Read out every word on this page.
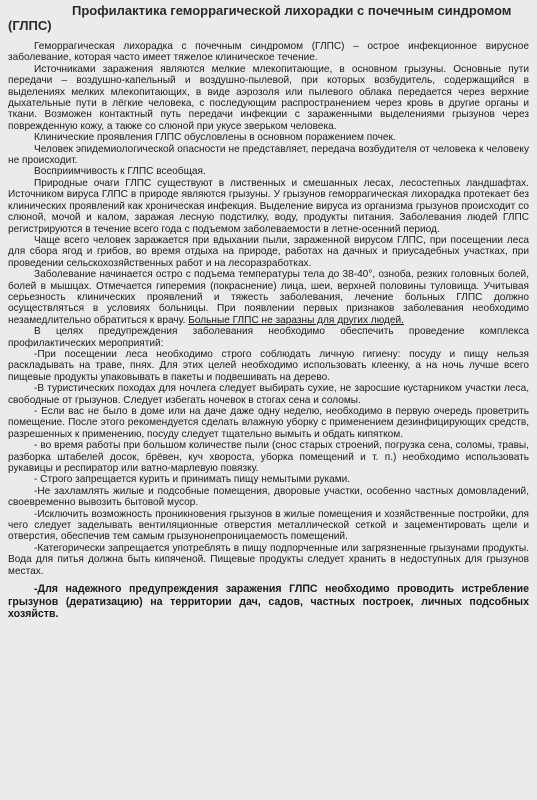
Профилактика геморрагической лихорадки с почечным синдромом
(ГЛПС)

Геморрагическая лихорадка с почечным синдромом (ГЛПС) – острое инфекционное вирусное заболевание, которая часто имеет тяжелое клиническое течение.

Источниками заражения являются мелкие млекопитающие, в основном грызуны. Основные пути передачи – воздушно-капельный и воздушно-пылевой, при которых возбудитель, содержащийся в выделениях мелких млекопитающих, в виде аэрозоля или пылевого облака передается через верхние дыхательные пути в лёгкие человека, с последующим распространением через кровь в другие органы и ткани. Возможен контактный путь передачи инфекции с зараженными выделениями грызунов через поврежденную кожу, а также со слюной при укусе зверьком человека.

Клинические проявления ГЛПС обусловлены в основном поражением почек.

Человек эпидемиологической опасности не представляет, передача возбудителя от человека к человеку не происходит.

Восприимчивость к ГЛПС всеобщая.

Природные очаги ГЛПС существуют в лиственных и смешанных лесах, лесостепных ландшафтах. Источником вируса ГЛПС в природе являются грызуны. У грызунов геморрагическая лихорадка протекает без клинических проявлений как хроническая инфекция. Выделение вируса из организма грызунов происходит со слюной, мочой и калом, заражая лесную подстилку, воду, продукты питания. Заболевания людей ГЛПС регистрируются в течение всего года с подъемом заболеваемости в летне-осенний период.

Чаще всего человек заражается при вдыхании пыли, зараженной вирусом ГЛПС, при посещении леса для сбора ягод и грибов, во время отдыха на природе, работах на дачных и приусадебных участках, при проведении сельскохозяйственных работ и на лесоразработках.

Заболевание начинается остро с подъема температуры тела до 38-40°, озноба, резких головных болей, болей в мышцах. Отмечается гиперемия (покраснение) лица, шеи, верхней половины туловища. Учитывая серьезность клинических проявлений и тяжесть заболевания, лечение больных ГЛПС должно осуществляться в условиях больницы. При появлении первых признаков заболевания необходимо незамедлительно обратиться к врачу. Больные ГЛПС не заразны для других людей.

В целях предупреждения заболевания необходимо обеспечить проведение комплекса профилактических мероприятий:

-При посещении леса необходимо строго соблюдать личную гигиену: посуду и пищу нельзя раскладывать на траве, пнях. Для этих целей необходимо использовать клеенку, а на ночь лучше всего пищевые продукты упаковывать в пакеты и подвешивать на дерево.

-В туристических походах для ночлега следует выбирать сухие, не заросшие кустарником участки леса, свободные от грызунов. Следует избегать ночевок в стогах сена и соломы.

- Если вас не было в доме или на даче даже одну неделю, необходимо в первую очередь проветрить помещение. После этого рекомендуется сделать влажную уборку с применением дезинфицирующих средств, разрешенных к применению, посуду следует тщательно вымыть и обдать кипятком.

- во время работы при большом количестве пыли (снос старых строений, погрузка сена, соломы, травы, разборка штабелей досок, брёвен, куч хвороста, уборка помещений и т. п.) необходимо использовать рукавицы и респиратор или ватно-марлевую повязку.

- Строго запрещается курить и принимать пищу немытыми руками.

-Не захламлять жилые и подсобные помещения, дворовые участки, особенно частных домовладений, своевременно вывозить бытовой мусор.

-Исключить возможность проникновения грызунов в жилые помещения и хозяйственные постройки, для чего следует заделывать вентиляционные отверстия металлической сеткой и зацементировать щели и отверстия, обеспечив тем самым грызунонепроницаемость помещений.

-Категорически запрещается употреблять в пищу подпорченные или загрязненные грызунами продукты. Вода для питья должна быть кипяченой. Пищевые продукты следует хранить в недоступных для грызунов местах.

-Для надежного предупреждения заражения ГЛПС необходимо проводить истребление грызунов (дератизацию) на территории дач, садов, частных построек, личных подсобных хозяйств.
